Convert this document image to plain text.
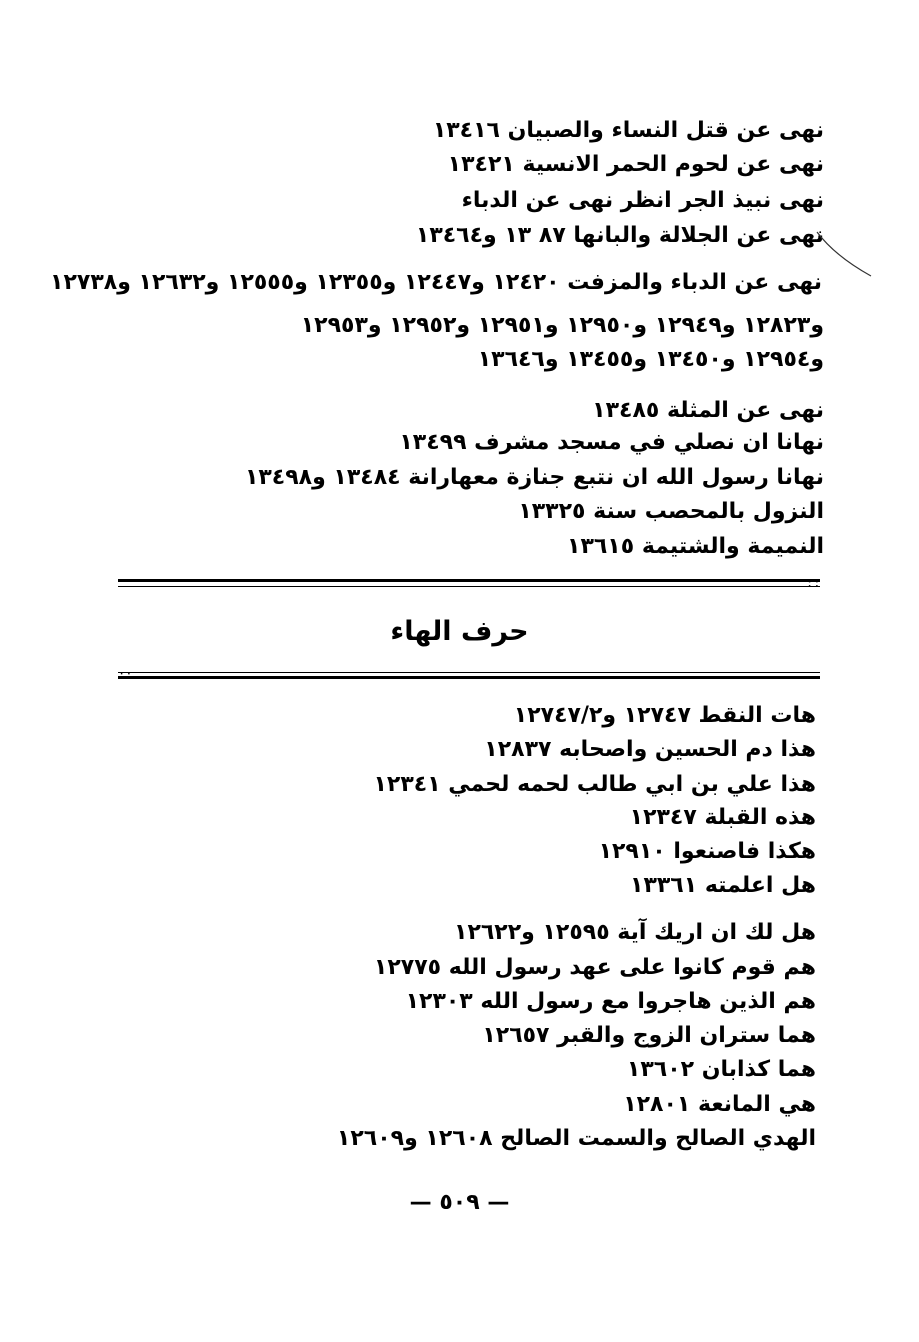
نهى عن قتل النساء والصبيان ١٣٤١٦
نهى عن لحوم الحمر الانسية ١٣٤٢١
نهى نبيذ الجر انظر نهى عن الدباء
نهى عن الجلالة والبانها ٨٧ ١٣ و١٣٤٦٤
نهى عن الدباء والمزفت ١٢٤٢٠ و١٢٤٤٧ و١٢٣٥٥ و١٢٥٥٥ و١٢٦٣٢ و١٢٧٣٨
و١٢٨٢٣ و١٢٩٤٩ و١٢٩٥٠ و١٢٩٥١ و١٢٩٥٢ و١٢٩٥٣
و١٢٩٥٤ و١٣٤٥٠ و١٣٤٥٥ و١٣٦٤٦
نهى عن المثلة ١٣٤٨٥
نهانا ان نصلي في مسجد مشرف ١٣٤٩٩
نهانا رسول الله ان نتبع جنازة معهارانة ١٣٤٨٤ و١٣٤٩٨
النزول بالمحصب سنة ١٣٣٢٥
النميمة والشتيمة ١٣٦١٥
::
حرف الهاء
::
هات النقط ١٢٧٤٧ و١٢٧٤٧/٢
هذا دم الحسين واصحابه ١٢٨٣٧
هذا علي بن ابي طالب لحمه لحمي ١٢٣٤١
هذه القبلة ١٢٣٤٧
هكذا فاصنعوا ١٢٩١٠
هل اعلمته ١٣٣٦١
هل لك ان اريك آية ١٢٥٩٥ و١٢٦٢٢
هم قوم كانوا على عهد رسول الله ١٢٧٧٥
هم الذين هاجروا مع رسول الله ١٢٣٠٣
هما ستران الزوج والقبر ١٢٦٥٧
هما كذابان ١٣٦٠٢
هي المانعة ١٢٨٠١
الهدي الصالح والسمت الصالح ١٢٦٠٨ و١٢٦٠٩
— ٥٠٩ —
